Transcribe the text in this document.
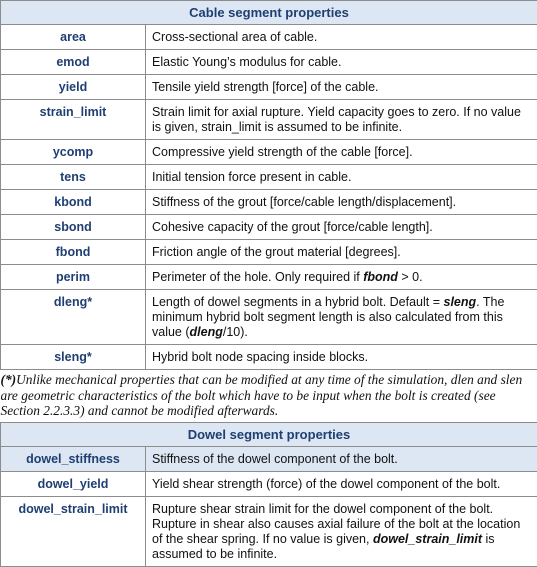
Cable segment properties	
area	Cross-sectional area of cable.
emod	Elastic Young’s modulus for cable.
yield	Tensile yield strength [force] of the cable.
strain_limit	Strain limit for axial rupture. Yield capacity goes to zero. If no value is given, strain_limit is assumed to be infinite.
ycomp	Compressive yield strength of the cable [force].
tens	Initial tension force present in cable.
kbond	Stiffness of the grout [force/cable length/displacement].
sbond	Cohesive capacity of the grout [force/cable length].
fbond	Friction angle of the grout material [degrees].
perim	Perimeter of the hole. Only required if fbond > 0.
dleng*	Length of dowel segments in a hybrid bolt. Default = sleng. The minimum hybrid bolt segment length is also calculated from this value (dleng/10).
sleng*	Hybrid bolt node spacing inside blocks.
(*)Unlike mechanical properties that can be modified at any time of the simulation, dlen and slen are geometric characteristics of the bolt which have to be input when the bolt is created (see Section 2.2.3.3) and cannot be modified afterwards.	
Dowel segment properties	
dowel_stiffness	Stiffness of the dowel component of the bolt.
dowel_yield	Yield shear strength (force) of the dowel component of the bolt.
dowel_strain_limit	Rupture shear strain limit for the dowel component of the bolt. Rupture in shear also causes axial failure of the bolt at the location of the shear spring. If no value is given, dowel_strain_limit is assumed to be infinite.
